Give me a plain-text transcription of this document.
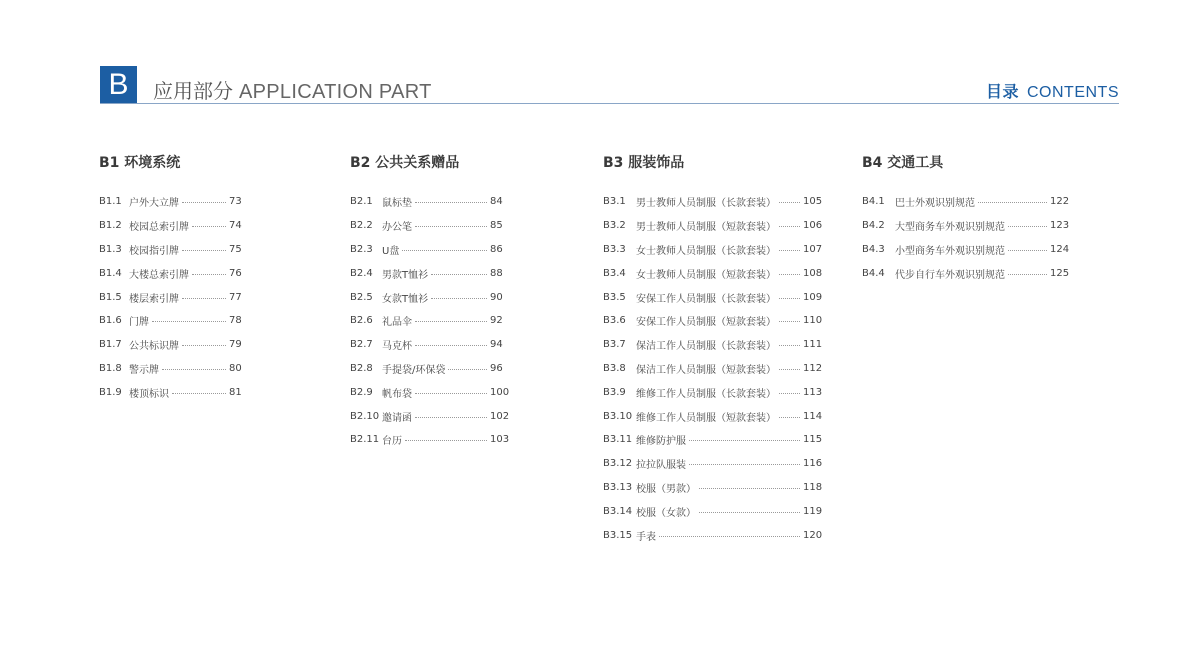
B	应用部分 APPLICATION PART	目录 CONTENTS
B1 环境系统
B1.1 户外大立牌	73
B1.2 校园总索引牌	74
B1.3 校园指引牌	75
B1.4 大楼总索引牌	76
B1.5 楼层索引牌	77
B1.6 门牌	78
B1.7 公共标识牌	79
B1.8 警示牌	80
B1.9 楼顶标识	81
B2 公共关系赠品
B2.1 鼠标垫	84
B2.2 办公笔	85
B2.3 U盘	86
B2.4 男款T恤衫	88
B2.5 女款T恤衫	90
B2.6 礼品伞	92
B2.7 马克杯	94
B2.8 手提袋/环保袋	96
B2.9 帆布袋	100
B2.10 邀请函	102
B2.11 台历	103
B3 服装饰品
B3.1	男士教师人员制服（长款套装）	105
B3.2	男士教师人员制服（短款套装）	106
B3.3	女士教师人员制服（长款套装）	107
B3.4	女士教师人员制服（短款套装）	108
B3.5	安保工作人员制服（长款套装）	109
B3.6	安保工作人员制服（短款套装）	110
B3.7	保洁工作人员制服（长款套装）	111
B3.8	保洁工作人员制服（短款套装）	112
B3.9	维修工作人员制服（长款套装）	113
B3.10 维修工作人员制服（短款套装）	114
B3.11 维修防护服	115
B3.12 拉拉队服装	116
B3.13 校服（男款）	118
B3.14 校服（女款）	119
B3.15 手表	120
B4 交通工具
B4.1	巴士外观识别规范	122
B4.2	大型商务车外观识别规范	123
B4.3	小型商务车外观识别规范	124
B4.4	代步自行车外观识别规范	125
